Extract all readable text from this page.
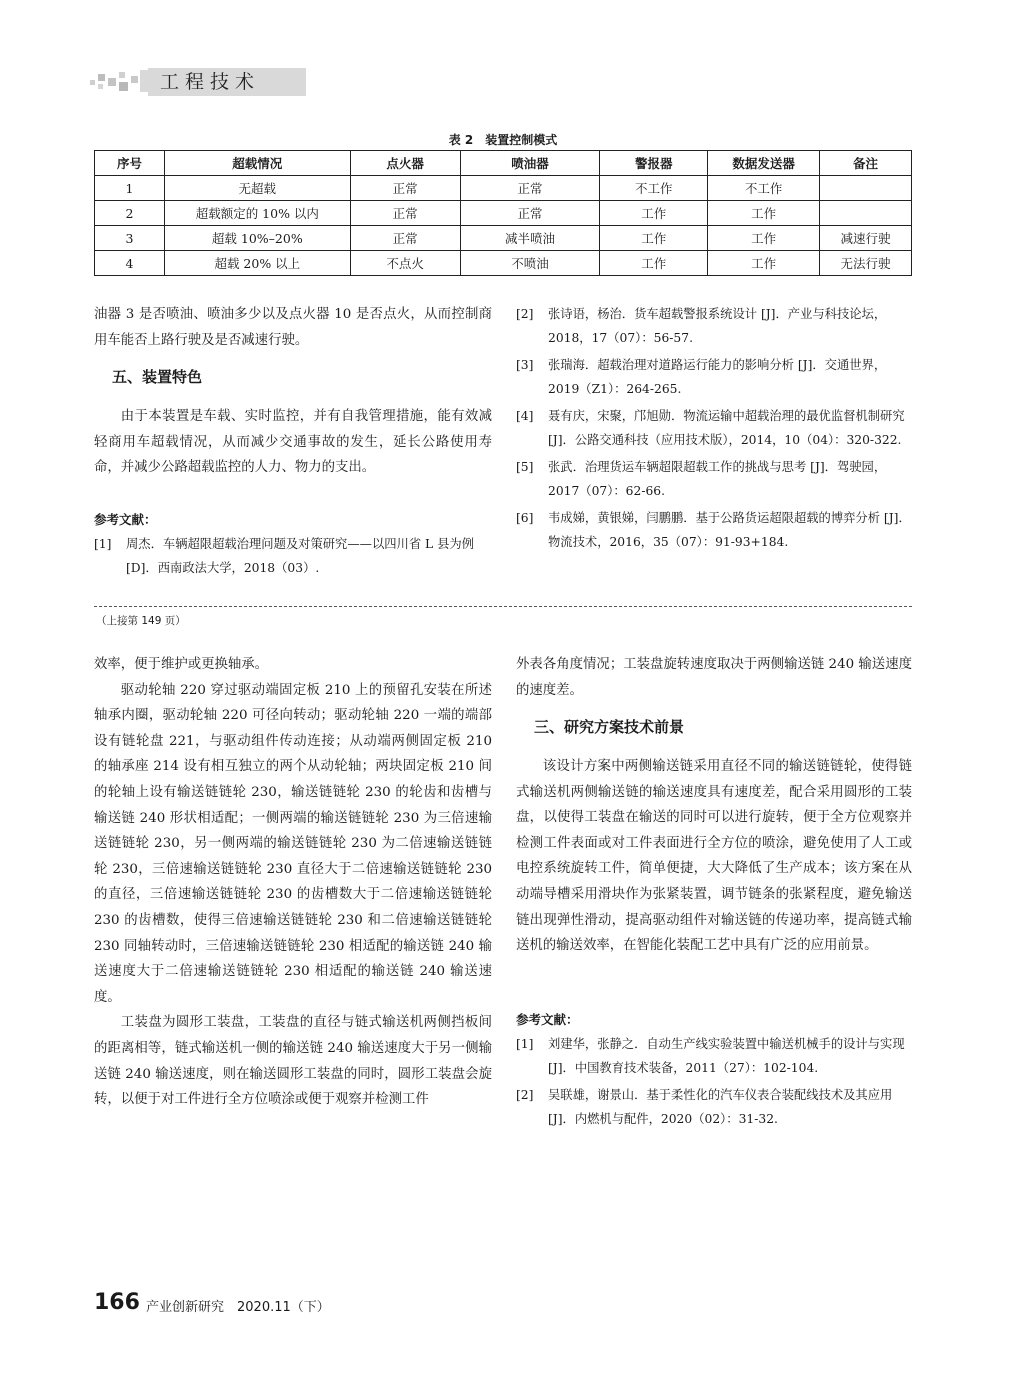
工程技术
表 2　装置控制模式
序号	超载情况	点火器	喷油器	警报器	数据发送器	备注
1	无超载	正常	正常	不工作	不工作	
2	超载额定的 10% 以内	正常	正常	工作	工作	
3	超载 10%–20%	正常	减半喷油	工作	工作	减速行驶
4	超载 20% 以上	不点火	不喷油	工作	工作	无法行驶

油器 3 是否喷油、喷油多少以及点火器 10 是否点火，从而控制商用车能否上路行驶及是否减速行驶。

五、装置特色

由于本装置是车载、实时监控，并有自我管理措施，能有效减轻商用车超载情况，从而减少交通事故的发生，延长公路使用寿命，并减少公路超载监控的人力、物力的支出。

参考文献：
[1] 周杰．车辆超限超载治理问题及对策研究——以四川省 L 县为例 [D]．西南政法大学，2018（03）.
[2] 张诗语，杨治．货车超载警报系统设计 [J]．产业与科技论坛，2018，17（07）：56-57.
[3] 张瑞海．超载治理对道路运行能力的影响分析 [J]．交通世界，2019（Z1）：264-265.
[4] 聂有庆，宋聚，邝旭勋．物流运输中超载治理的最优监督机制研究 [J]．公路交通科技（应用技术版），2014，10（04）：320-322.
[5] 张武．治理货运车辆超限超载工作的挑战与思考 [J]．驾驶园，2017（07）：62-66.
[6] 韦成娣，黄银娣，闫鹏鹏．基于公路货运超限超载的博弈分析 [J]．物流技术，2016，35（07）：91-93+184.
（上接第 149 页）

效率，便于维护或更换轴承。

驱动轮轴 220 穿过驱动端固定板 210 上的预留孔安装在所述轴承内圈，驱动轮轴 220 可径向转动；驱动轮轴 220 一端的端部设有链轮盘 221，与驱动组件传动连接；从动端两侧固定板 210 的轴承座 214 设有相互独立的两个从动轮轴；两块固定板 210 间的轮轴上设有输送链链轮 230，输送链链轮 230 的轮齿和齿槽与输送链 240 形状相适配；一侧两端的输送链链轮 230 为三倍速输送链链轮 230，另一侧两端的输送链链轮 230 为二倍速输送链链轮 230，三倍速输送链链轮 230 直径大于二倍速输送链链轮 230 的直径，三倍速输送链链轮 230 的齿槽数大于二倍速输送链链轮 230 的齿槽数，使得三倍速输送链链轮 230 和二倍速输送链链轮 230 同轴转动时，三倍速输送链链轮 230 相适配的输送链 240 输送速度大于二倍速输送链链轮 230 相适配的输送链 240 输送速度。

工装盘为圆形工装盘，工装盘的直径与链式输送机两侧挡板间的距离相等，链式输送机一侧的输送链 240 输送速度大于另一侧输送链 240 输送速度，则在输送圆形工装盘的同时，圆形工装盘会旋转，以便于对工件进行全方位喷涂或便于观察并检测工件

外表各角度情况；工装盘旋转速度取决于两侧输送链 240 输送速度的速度差。

三、研究方案技术前景

该设计方案中两侧输送链采用直径不同的输送链链轮，使得链式输送机两侧输送链的输送速度具有速度差，配合采用圆形的工装盘，以使得工装盘在输送的同时可以进行旋转，便于全方位观察并检测工件表面或对工件表面进行全方位的喷涂，避免使用了人工或电控系统旋转工件，简单便捷，大大降低了生产成本；该方案在从动端导槽采用滑块作为张紧装置，调节链条的张紧程度，避免输送链出现弹性滑动，提高驱动组件对输送链的传递功率，提高链式输送机的输送效率，在智能化装配工艺中具有广泛的应用前景。

参考文献：
[1] 刘建华，张静之．自动生产线实验装置中输送机械手的设计与实现 [J]．中国教育技术装备，2011（27）：102-104.
[2] 吴联雄，谢景山．基于柔性化的汽车仪表合装配线技术及其应用 [J]．内燃机与配件，2020（02）：31-32.
166 产业创新研究　2020.11（下）
